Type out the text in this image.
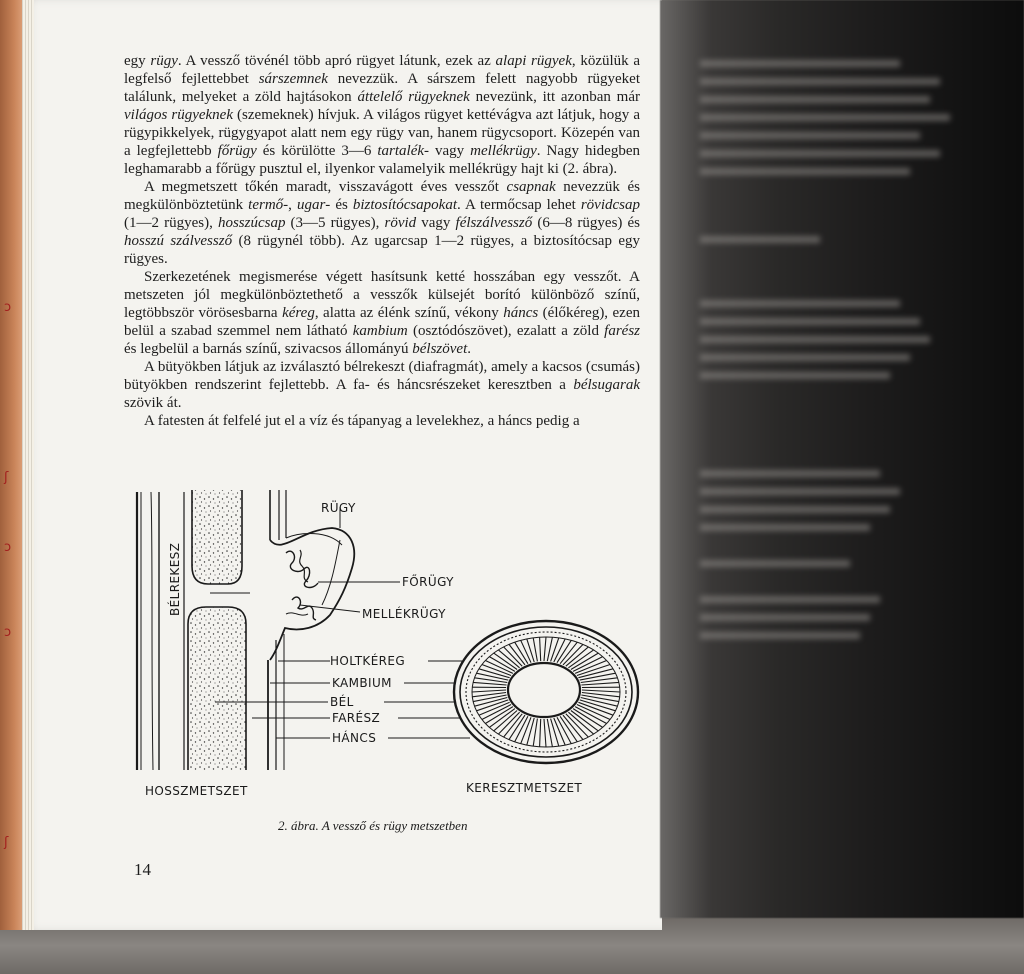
ↄ
ʃ
ɔ
ɔ
ʃ

egy rügy. A vessző tövénél több apró rügyet látunk, ezek az alapi rügyek, közülük a legfelső fejlettebbet sárszemnek nevezzük. A sárszem felett nagyobb rügyeket találunk, melyeket a zöld hajtásokon áttelelő rügyeknek nevezünk, itt azonban már világos rügyeknek (szemeknek) hívjuk. A világos rügyet kettévágva azt látjuk, hogy a rügypikkelyek, rügygyapot alatt nem egy rügy van, hanem rügycsoport. Közepén van a legfejlettebb főrügy és körülötte 3—6 tartalék- vagy mellékrügy. Nagy hidegben leghamarabb a főrügy pusztul el, ilyenkor valamelyik mellékrügy hajt ki (2. ábra).

A megmetszett tőkén maradt, visszavágott éves vesszőt csapnak nevezzük és megkülönböztetünk termő-, ugar- és biztosítócsapokat. A termőcsap lehet rövidcsap (1—2 rügyes), hosszúcsap (3—5 rügyes), rövid vagy félszálvessző (6—8 rügyes) és hosszú szálvessző (8 rügynél több). Az ugarcsap 1—2 rügyes, a biztosítócsap egy rügyes.

Szerkezetének megismerése végett hasítsunk ketté hosszában egy vesszőt. A metszeten jól megkülönböztethető a vesszők külsejét borító különböző színű, legtöbbször vörösesbarna kéreg, alatta az élénk színű, vékony háncs (élőkéreg), ezen belül a szabad szemmel nem látható kambium (osztódószövet), ezalatt a zöld farész és legbelül a barnás színű, szivacsos állományú bélszövet.

A bütyökben látjuk az izválasztó bélrekeszt (diafragmát), amely a kacsos (csumás) bütyökben rendszerint fejlettebb. A fa- és háncsrészeket keresztben a bélsugarak szövik át.

A fatesten át felfelé jut el a víz és tápanyag a levelekhez, a háncs pedig a

RÜGY
FŐRÜGY
MELLÉKRÜGY
HOLTKÉREG
KAMBIUM
BÉL
FARÉSZ
HÁNCS
BÉLREKESZ
HOSSZMETSZET	KERESZTMETSZET
2. ábra. A vessző és rügy metszetben
14
